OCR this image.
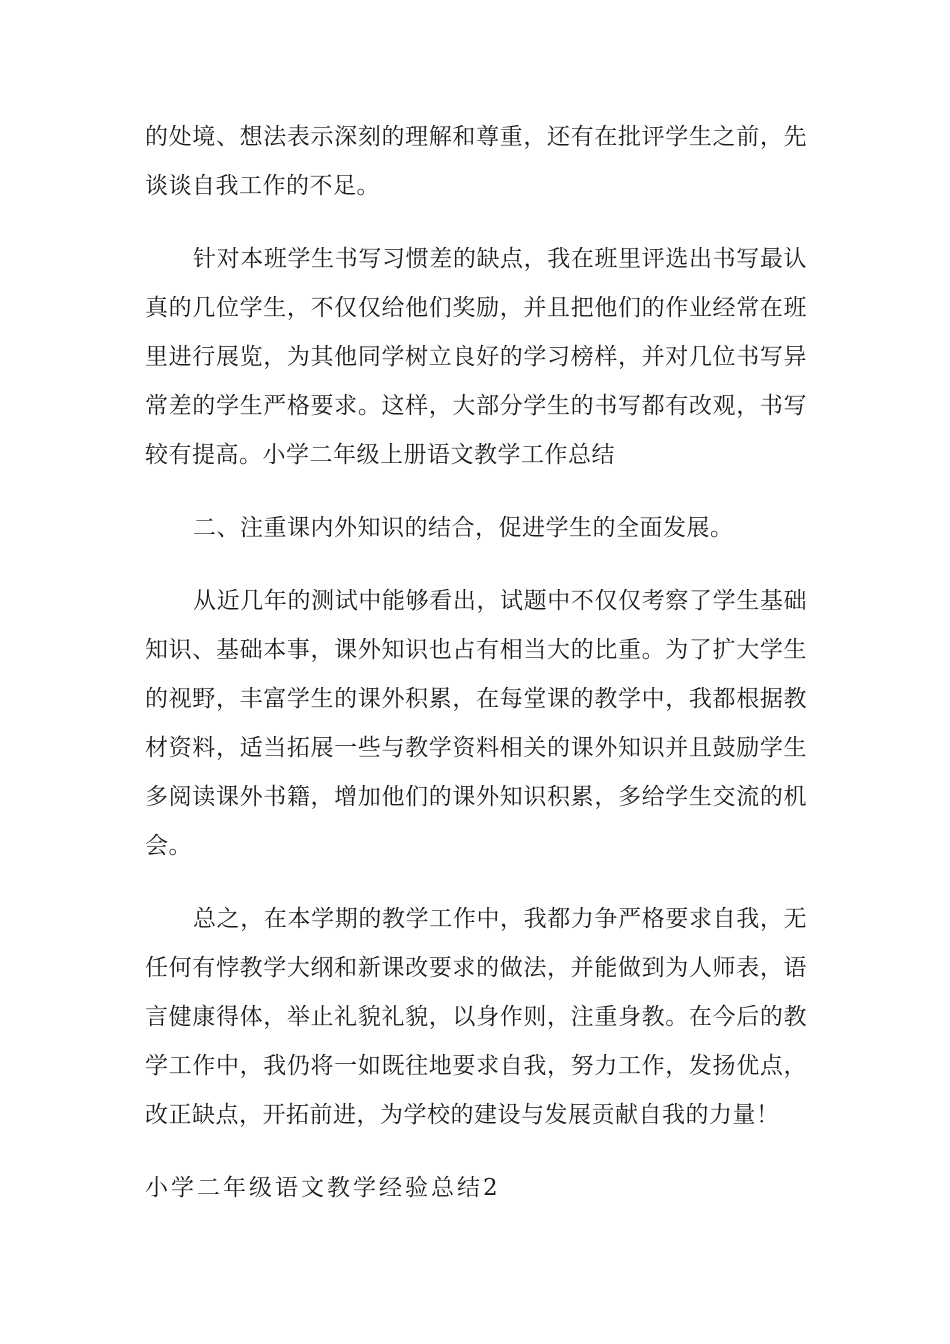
的处境、想法表示深刻的理解和尊重，还有在批评学生之前，先谈谈自我工作的不足。

针对本班学生书写习惯差的缺点，我在班里评选出书写最认真的几位学生，不仅仅给他们奖励，并且把他们的作业经常在班里进行展览，为其他同学树立良好的学习榜样，并对几位书写异常差的学生严格要求。这样，大部分学生的书写都有改观，书写较有提高。小学二年级上册语文教学工作总结

二、注重课内外知识的结合，促进学生的全面发展。

从近几年的测试中能够看出，试题中不仅仅考察了学生基础知识、基础本事，课外知识也占有相当大的比重。为了扩大学生的视野，丰富学生的课外积累，在每堂课的教学中，我都根据教材资料，适当拓展一些与教学资料相关的课外知识并且鼓励学生多阅读课外书籍，增加他们的课外知识积累，多给学生交流的机会。

总之，在本学期的教学工作中，我都力争严格要求自我，无任何有悖教学大纲和新课改要求的做法，并能做到为人师表，语言健康得体，举止礼貌礼貌，以身作则，注重身教。在今后的教学工作中，我仍将一如既往地要求自我，努力工作，发扬优点，改正缺点，开拓前进，为学校的建设与发展贡献自我的力量！

小学二年级语文教学经验总结2
